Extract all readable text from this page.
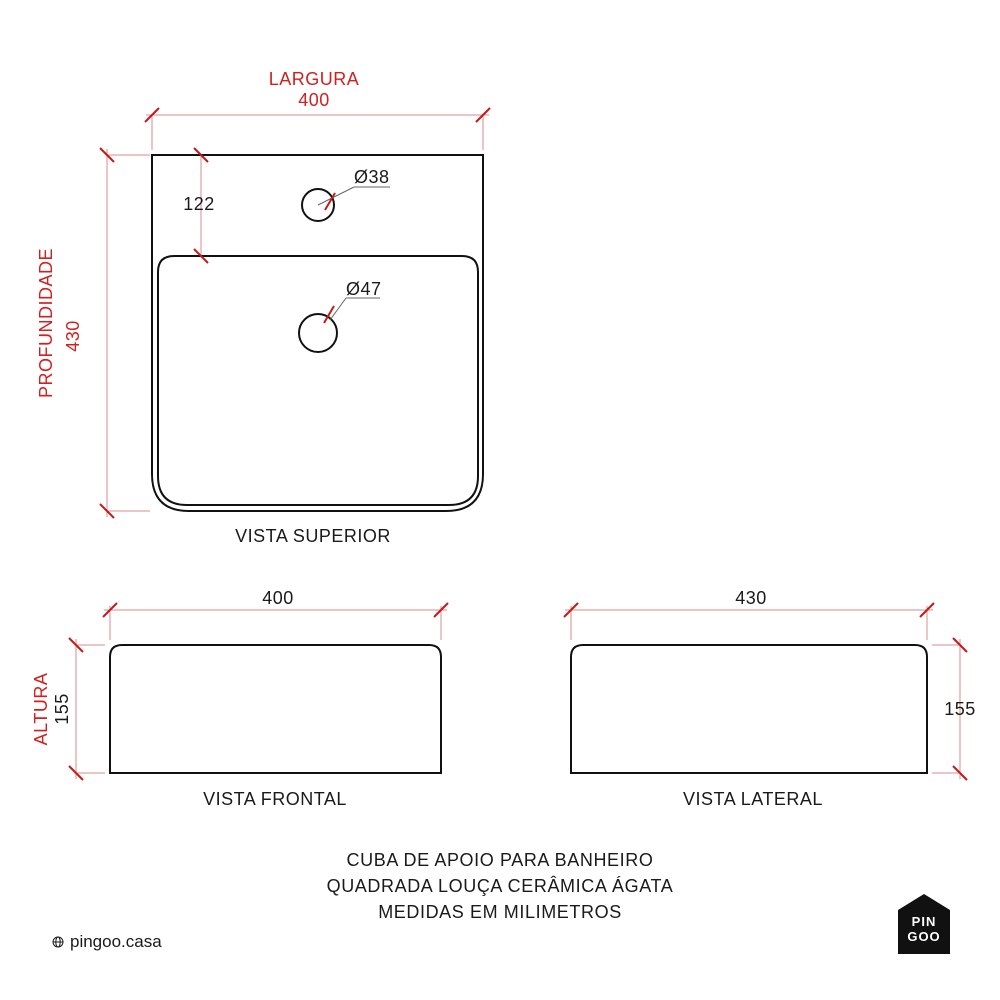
LARGURA
400
PROFUNDIDADE 430
122
Ø38
Ø47
VISTA SUPERIOR
400
ALTURA 155
VISTA FRONTAL
430
155
VISTA LATERAL
CUBA DE APOIO PARA BANHEIRO
QUADRADA LOUÇA CERÂMICA ÁGATA
MEDIDAS EM MILIMETROS
pingoo.casa
PIN
GOO
